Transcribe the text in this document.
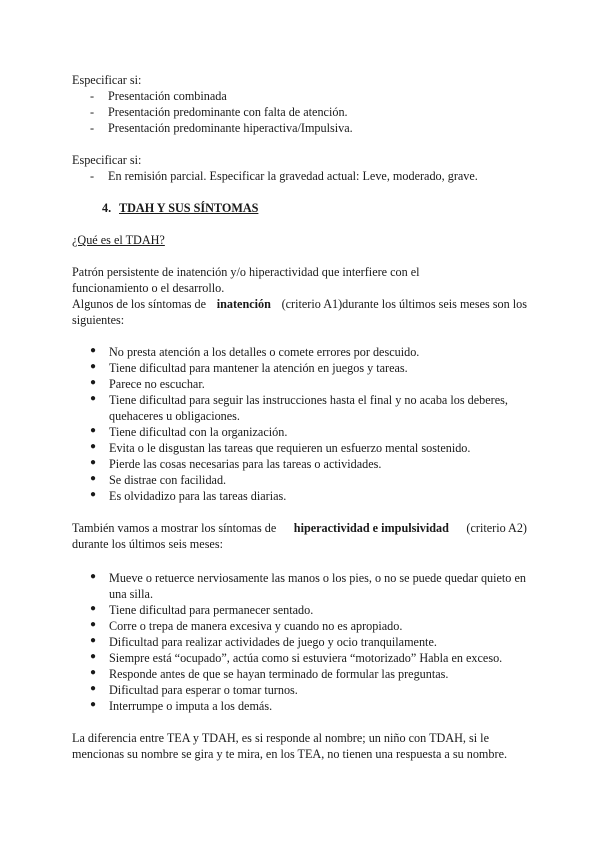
Especificar si:
- Presentación combinada
- Presentación predominante con falta de atención.
- Presentación predominante hiperactiva/Impulsiva.
Especificar si:
- En remisión parcial. Especificar la gravedad actual: Leve, moderado, grave.
4. TDAH Y SUS SÍNTOMAS
¿Qué es el TDAH?
Patrón persistente de inatención y/o hiperactividad que interfiere con el
funcionamiento o el desarrollo.
Algunos de los síntomas de inatención (criterio A1)durante los últimos seis meses son los
siguientes:
● No presta atención a los detalles o comete errores por descuido.
● Tiene dificultad para mantener la atención en juegos y tareas.
● Parece no escuchar.
● Tiene dificultad para seguir las instrucciones hasta el final y no acaba los deberes,
quehaceres u obligaciones.
● Tiene dificultad con la organización.
● Evita o le disgustan las tareas que requieren un esfuerzo mental sostenido.
● Pierde las cosas necesarias para las tareas o actividades.
● Se distrae con facilidad.
● Es olvidadizo para las tareas diarias.
También vamos a mostrar los síntomas de hiperactividad e impulsividad (criterio A2)
durante los últimos seis meses:
● Mueve o retuerce nerviosamente las manos o los pies, o no se puede quedar quieto en
una silla.
● Tiene dificultad para permanecer sentado.
● Corre o trepa de manera excesiva y cuando no es apropiado.
● Dificultad para realizar actividades de juego y ocio tranquilamente.
● Siempre está “ocupado”, actúa como si estuviera “motorizado” Habla en exceso.
● Responde antes de que se hayan terminado de formular las preguntas.
● Dificultad para esperar o tomar turnos.
● Interrumpe o imputa a los demás.
La diferencia entre TEA y TDAH, es si responde al nombre; un niño con TDAH, si le
mencionas su nombre se gira y te mira, en los TEA, no tienen una respuesta a su nombre.
